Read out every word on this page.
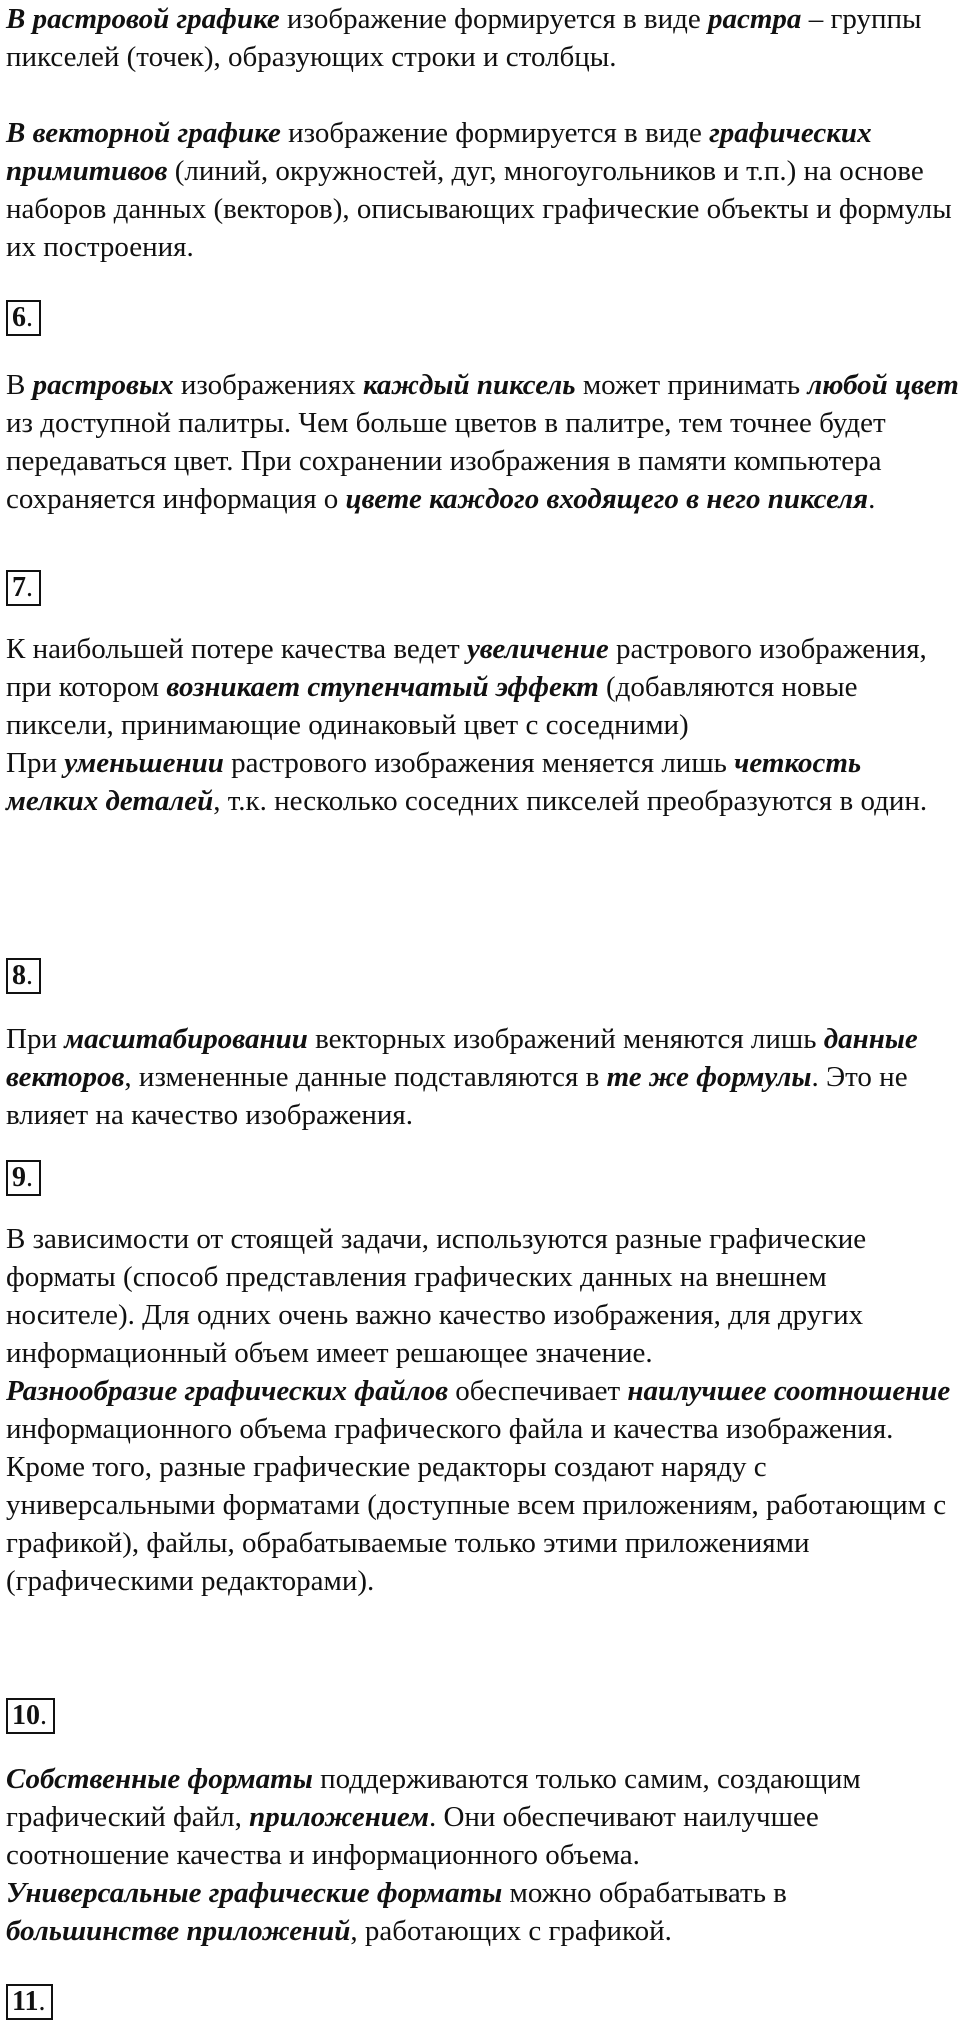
В растровой графике изображение формируется в виде растра – группы пикселей (точек), образующих строки и столбцы.

В векторной графике изображение формируется в виде графических примитивов (линий, окружностей, дуг, многоугольников и т.п.) на основе наборов данных (векторов), описывающих графические объекты и формулы их построения.

6.

В растровых изображениях каждый пиксель может принимать любой цвет из доступной палитры. Чем больше цветов в палитре, тем точнее будет передаваться цвет. При сохранении изображения в памяти компьютера сохраняется информация о цвете каждого входящего в него пикселя.

7.

К наибольшей потере качества ведет увеличение растрового изображения, при котором возникает ступенчатый эффект (добавляются новые пиксели, принимающие одинаковый цвет с соседними)
При уменьшении растрового изображения меняется лишь четкость мелких деталей, т.к. несколько соседних пикселей преобразуются в один.

8.

При масштабировании векторных изображений меняются лишь данные векторов, измененные данные подставляются в те же формулы. Это не влияет на качество изображения.

9.

В зависимости от стоящей задачи, используются разные графические форматы (способ представления графических данных на внешнем носителе). Для одних очень важно качество изображения, для других информационный объем имеет решающее значение.
Разнообразие графических файлов обеспечивает наилучшее соотношение информационного объема графического файла и качества изображения.
Кроме того, разные графические редакторы создают наряду с универсальными форматами (доступные всем приложениям, работающим с графикой), файлы, обрабатываемые только этими приложениями (графическими редакторами).

10.

Собственные форматы поддерживаются только самим, создающим графический файл, приложением. Они обеспечивают наилучшее соотношение качества и информационного объема.
Универсальные графические форматы можно обрабатывать в большинстве приложений, работающих с графикой.

11.
